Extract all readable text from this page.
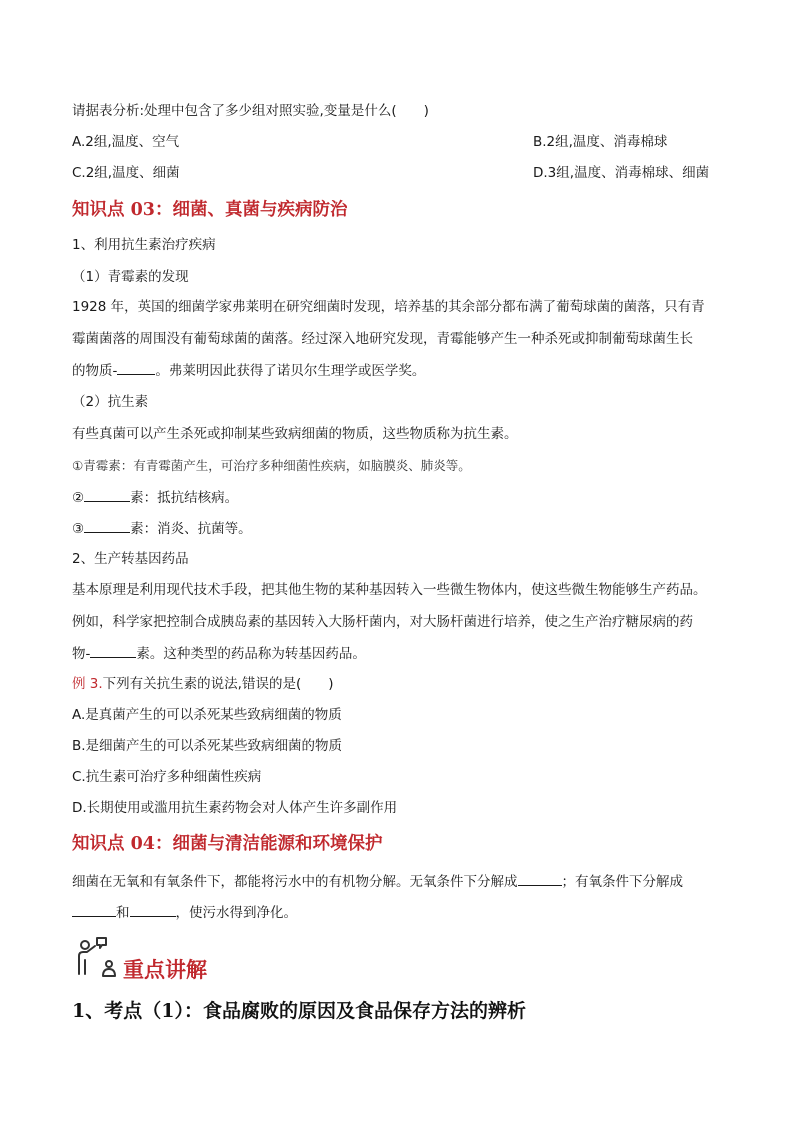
请据表分析:处理中包含了多少组对照实验,变量是什么(　　)
A.2组,温度、空气	B.2组,温度、消毒棉球
C.2组,温度、细菌	D.3组,温度、消毒棉球、细菌
知识点 03：细菌、真菌与疾病防治
1、利用抗生素治疗疾病
（1）青霉素的发现
1928 年，英国的细菌学家弗莱明在研究细菌时发现，培养基的其余部分都布满了葡萄球菌的菌落，只有青
霉菌菌落的周围没有葡萄球菌的菌落。经过深入地研究发现，青霉能够产生一种杀死或抑制葡萄球菌生长
的物质-	。弗莱明因此获得了诺贝尔生理学或医学奖。
（2）抗生素
有些真菌可以产生杀死或抑制某些致病细菌的物质，这些物质称为抗生素。
①青霉素：有青霉菌产生，可治疗多种细菌性疾病，如脑膜炎、肺炎等。
②	素：抵抗结核病。
③	素：消炎、抗菌等。
2、生产转基因药品
基本原理是利用现代技术手段，把其他生物的某种基因转入一些微生物体内，使这些微生物能够生产药品。
例如，科学家把控制合成胰岛素的基因转入大肠杆菌内，对大肠杆菌进行培养，使之生产治疗糖尿病的药
物-	素。这种类型的药品称为转基因药品。
例 3.下列有关抗生素的说法,错误的是(　　)
A.是真菌产生的可以杀死某些致病细菌的物质
B.是细菌产生的可以杀死某些致病细菌的物质
C.抗生素可治疗多种细菌性疾病
D.长期使用或滥用抗生素药物会对人体产生许多副作用
知识点 04：细菌与清洁能源和环境保护
细菌在无氧和有氧条件下，都能将污水中的有机物分解。无氧条件下分解成	；有氧条件下分解成
和	，使污水得到净化。
重点讲解
1、考点（1）：食品腐败的原因及食品保存方法的辨析
